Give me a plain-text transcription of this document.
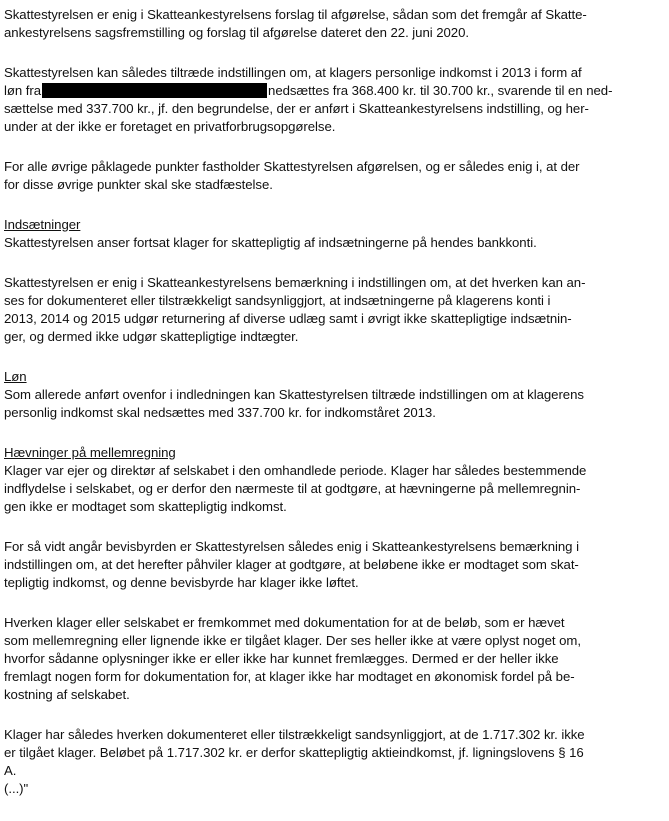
Skattestyrelsen er enig i Skatteankestyrelsens forslag til afgørelse, sådan som det fremgår af Skatte-
ankestyrelsens sagsfremstilling og forslag til afgørelse dateret den 22. juni 2020.
Skattestyrelsen kan således tiltræde indstillingen om, at klagers personlige indkomst i 2013 i form af
løn fra	nedsættes fra 368.400 kr. til 30.700 kr., svarende til en ned-
sættelse med 337.700 kr., jf. den begrundelse, der er anført i Skatteankestyrelsens indstilling, og her-
under at der ikke er foretaget en privatforbrugsopgørelse.
For alle øvrige påklagede punkter fastholder Skattestyrelsen afgørelsen, og er således enig i, at der
for disse øvrige punkter skal ske stadfæstelse.
Indsætninger
Skattestyrelsen anser fortsat klager for skattepligtig af indsætningerne på hendes bankkonti.
Skattestyrelsen er enig i Skatteankestyrelsens bemærkning i indstillingen om, at det hverken kan an-
ses for dokumenteret eller tilstrækkeligt sandsynliggjort, at indsætningerne på klagerens konti i
2013, 2014 og 2015 udgør returnering af diverse udlæg samt i øvrigt ikke skattepligtige indsætnin-
ger, og dermed ikke udgør skattepligtige indtægter.
Løn
Som allerede anført ovenfor i indledningen kan Skattestyrelsen tiltræde indstillingen om at klagerens
personlig indkomst skal nedsættes med 337.700 kr. for indkomståret 2013.
Hævninger på mellemregning
Klager var ejer og direktør af selskabet i den omhandlede periode. Klager har således bestemmende
indflydelse i selskabet, og er derfor den nærmeste til at godtgøre, at hævningerne på mellemregnin-
gen ikke er modtaget som skattepligtig indkomst.
For så vidt angår bevisbyrden er Skattestyrelsen således enig i Skatteankestyrelsens bemærkning i
indstillingen om, at det herefter påhviler klager at godtgøre, at beløbene ikke er modtaget som skat-
tepligtig indkomst, og denne bevisbyrde har klager ikke løftet.
Hverken klager eller selskabet er fremkommet med dokumentation for at de beløb, som er hævet
som mellemregning eller lignende ikke er tilgået klager. Der ses heller ikke at være oplyst noget om,
hvorfor sådanne oplysninger ikke er eller ikke har kunnet fremlægges. Dermed er der heller ikke
fremlagt nogen form for dokumentation for, at klager ikke har modtaget en økonomisk fordel på be-
kostning af selskabet.
Klager har således hverken dokumenteret eller tilstrækkeligt sandsynliggjort, at de 1.717.302 kr. ikke
er tilgået klager. Beløbet på 1.717.302 kr. er derfor skattepligtig aktieindkomst, jf. ligningslovens § 16
A.
(...)"
